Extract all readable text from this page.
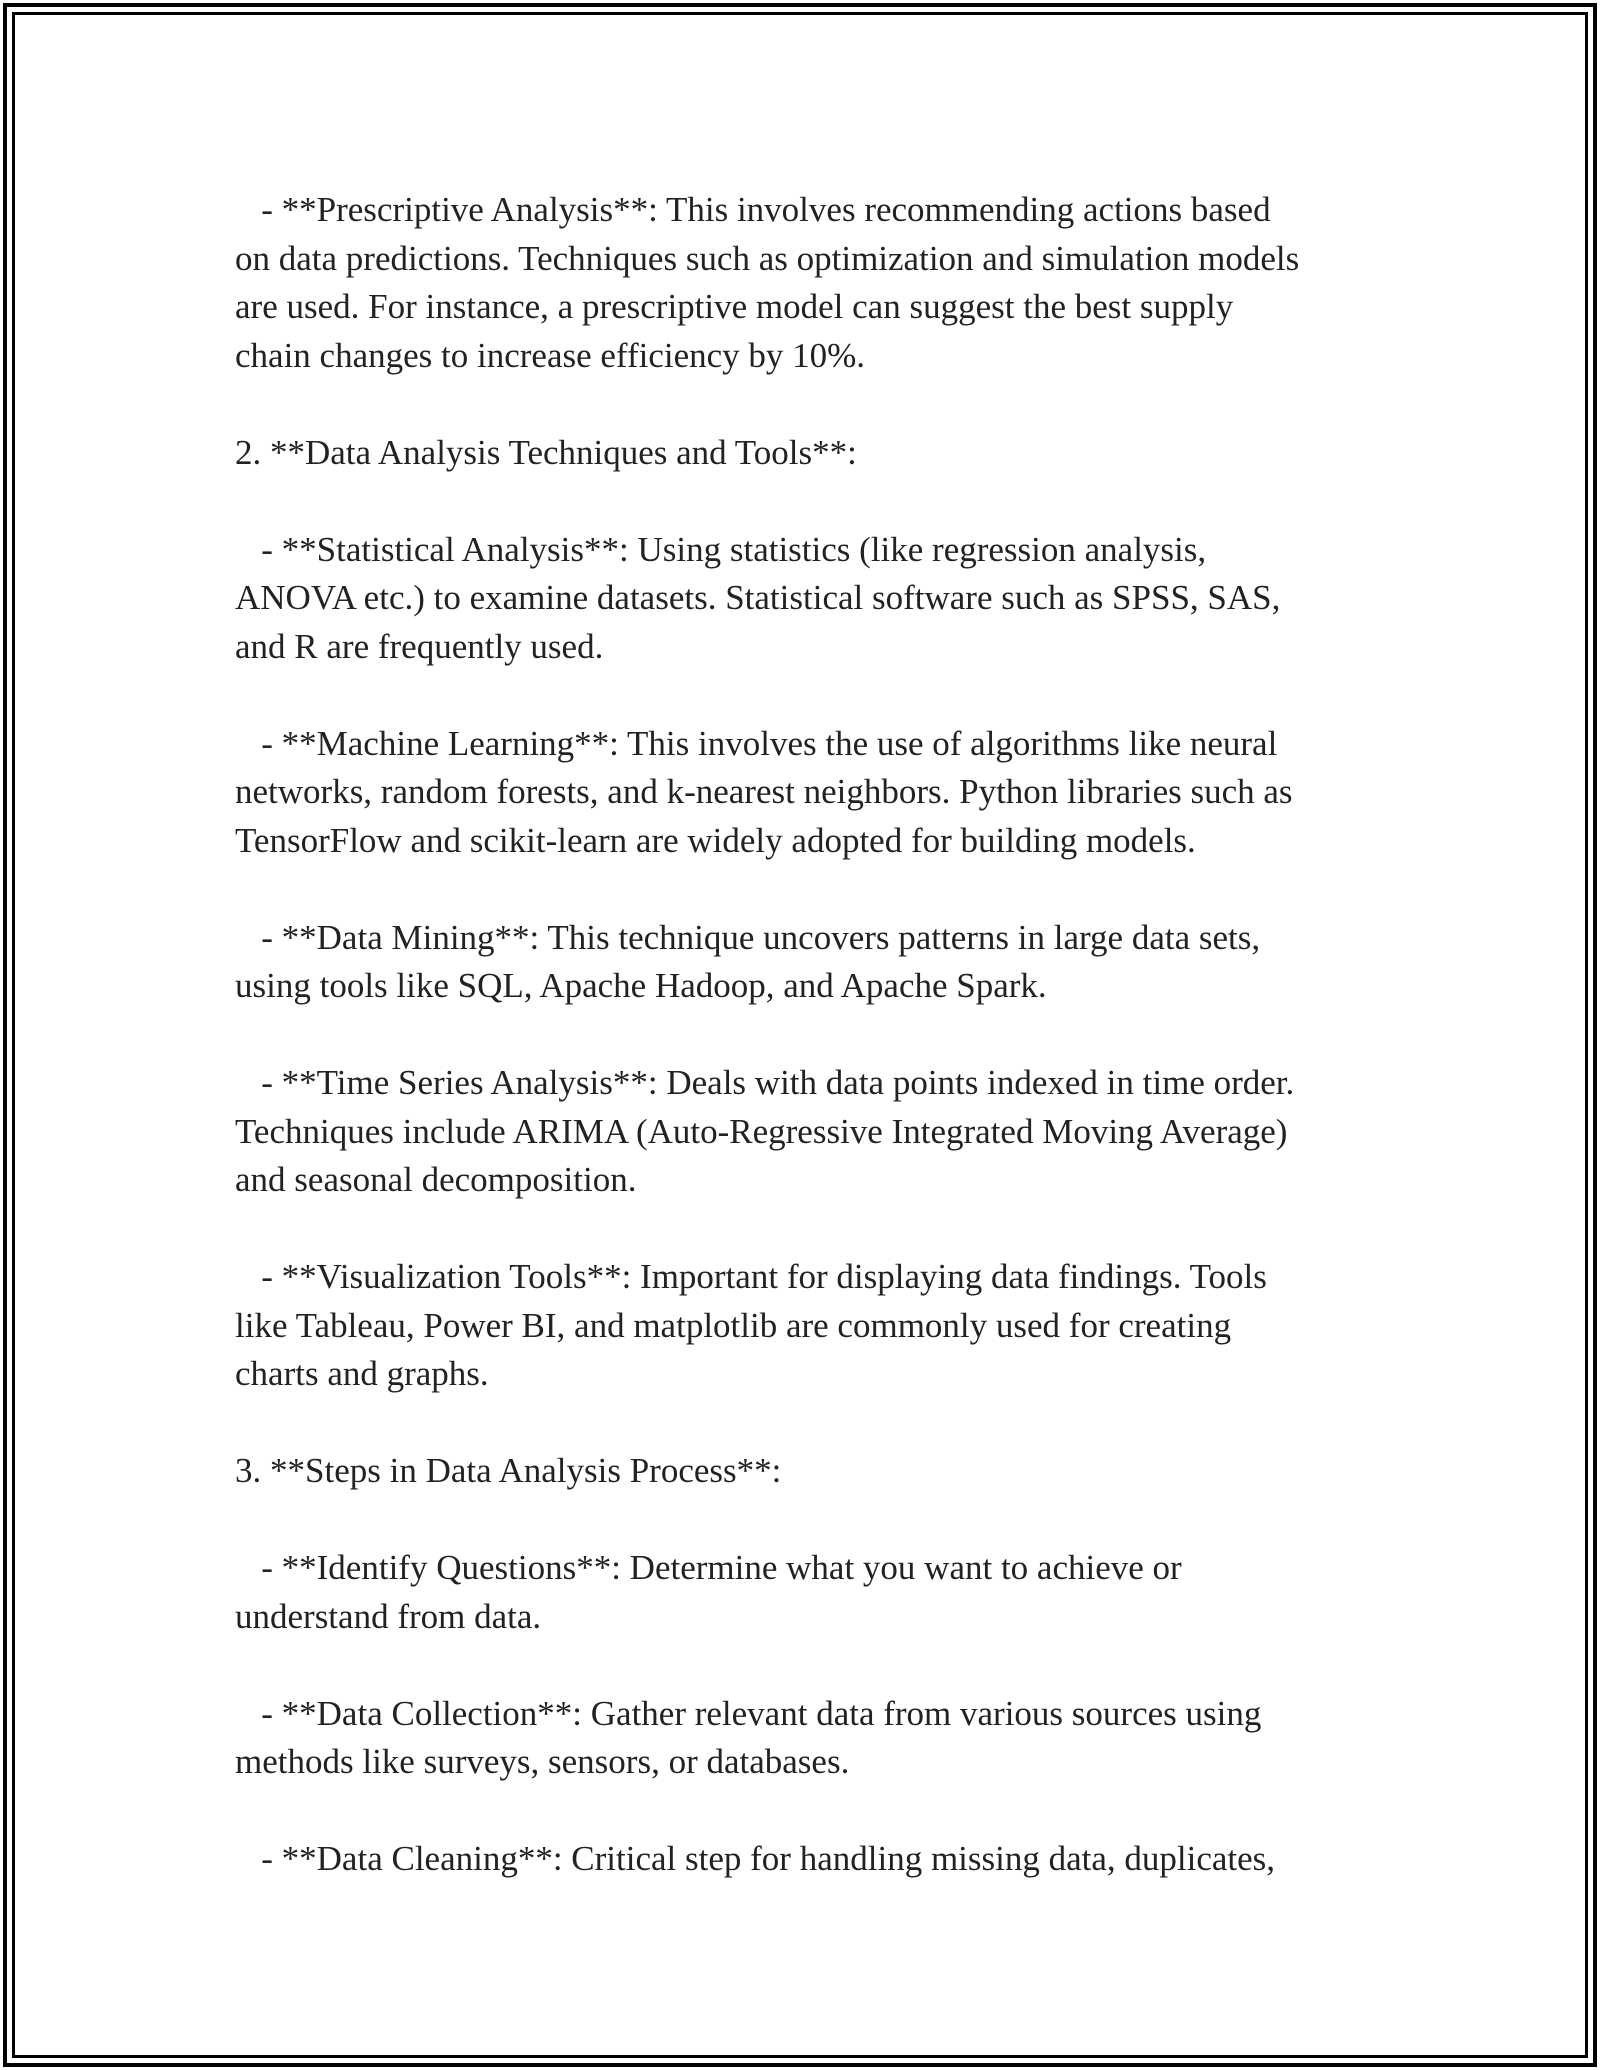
- **Prescriptive Analysis**: This involves recommending actions based
on data predictions. Techniques such as optimization and simulation models
are used. For instance, a prescriptive model can suggest the best supply
chain changes to increase efficiency by 10%.

2. **Data Analysis Techniques and Tools**:

- **Statistical Analysis**: Using statistics (like regression analysis,
ANOVA etc.) to examine datasets. Statistical software such as SPSS, SAS,
and R are frequently used.

- **Machine Learning**: This involves the use of algorithms like neural
networks, random forests, and k-nearest neighbors. Python libraries such as
TensorFlow and scikit-learn are widely adopted for building models.

- **Data Mining**: This technique uncovers patterns in large data sets,
using tools like SQL, Apache Hadoop, and Apache Spark.

- **Time Series Analysis**: Deals with data points indexed in time order.
Techniques include ARIMA (Auto-Regressive Integrated Moving Average)
and seasonal decomposition.

- **Visualization Tools**: Important for displaying data findings. Tools
like Tableau, Power BI, and matplotlib are commonly used for creating
charts and graphs.

3. **Steps in Data Analysis Process**:

- **Identify Questions**: Determine what you want to achieve or
understand from data.

- **Data Collection**: Gather relevant data from various sources using
methods like surveys, sensors, or databases.

- **Data Cleaning**: Critical step for handling missing data, duplicates,
